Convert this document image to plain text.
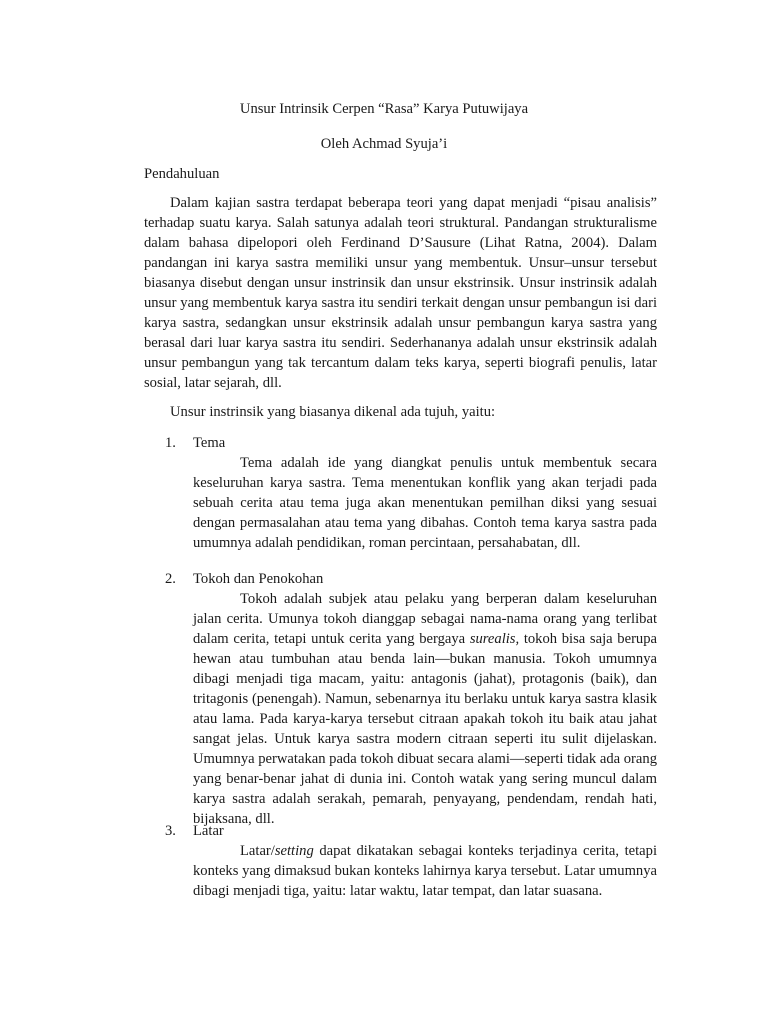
Unsur Intrinsik Cerpen “Rasa” Karya Putuwijaya
Oleh Achmad Syuja’i
Pendahuluan

Dalam kajian sastra terdapat beberapa teori yang dapat menjadi “pisau analisis” terhadap suatu karya. Salah satunya adalah teori struktural. Pandangan strukturalisme dalam bahasa dipelopori oleh Ferdinand D’Sausure (Lihat Ratna, 2004). Dalam pandangan ini karya sastra memiliki unsur yang membentuk. Unsur–unsur tersebut biasanya disebut dengan unsur instrinsik dan unsur ekstrinsik. Unsur instrinsik adalah unsur yang membentuk karya sastra itu sendiri terkait dengan unsur pembangun isi dari karya sastra, sedangkan unsur ekstrinsik adalah unsur pembangun karya sastra yang berasal dari luar karya sastra itu sendiri. Sederhananya adalah unsur ekstrinsik adalah unsur pembangun yang tak tercantum dalam teks karya, seperti biografi penulis, latar sosial, latar sejarah, dll.

Unsur instrinsik yang biasanya dikenal ada tujuh, yaitu:
1. Tema

Tema adalah ide yang diangkat penulis untuk membentuk secara keseluruhan karya sastra. Tema menentukan konflik yang akan terjadi pada sebuah cerita atau tema juga akan menentukan pemilhan diksi yang sesuai dengan permasalahan atau tema yang dibahas. Contoh tema karya sastra pada umumnya adalah pendidikan, roman percintaan, persahabatan, dll.

2. Tokoh dan Penokohan

Tokoh adalah subjek atau pelaku yang berperan dalam keseluruhan jalan cerita. Umunya tokoh dianggap sebagai nama-nama orang yang terlibat dalam cerita, tetapi untuk cerita yang bergaya surealis, tokoh bisa saja berupa hewan atau tumbuhan atau benda lain—bukan manusia. Tokoh umumnya dibagi menjadi tiga macam, yaitu: antagonis (jahat), protagonis (baik), dan tritagonis (penengah). Namun, sebenarnya itu berlaku untuk karya sastra klasik atau lama. Pada karya-karya tersebut citraan apakah tokoh itu baik atau jahat sangat jelas. Untuk karya sastra modern citraan seperti itu sulit dijelaskan. Umumnya perwatakan pada tokoh dibuat secara alami—seperti tidak ada orang yang benar-benar jahat di dunia ini. Contoh watak yang sering muncul dalam karya sastra adalah serakah, pemarah, penyayang, pendendam, rendah hati, bijaksana, dll.

3. Latar

Latar/setting dapat dikatakan sebagai konteks terjadinya cerita, tetapi konteks yang dimaksud bukan konteks lahirnya karya tersebut. Latar umumnya dibagi menjadi tiga, yaitu: latar waktu, latar tempat, dan latar suasana.
